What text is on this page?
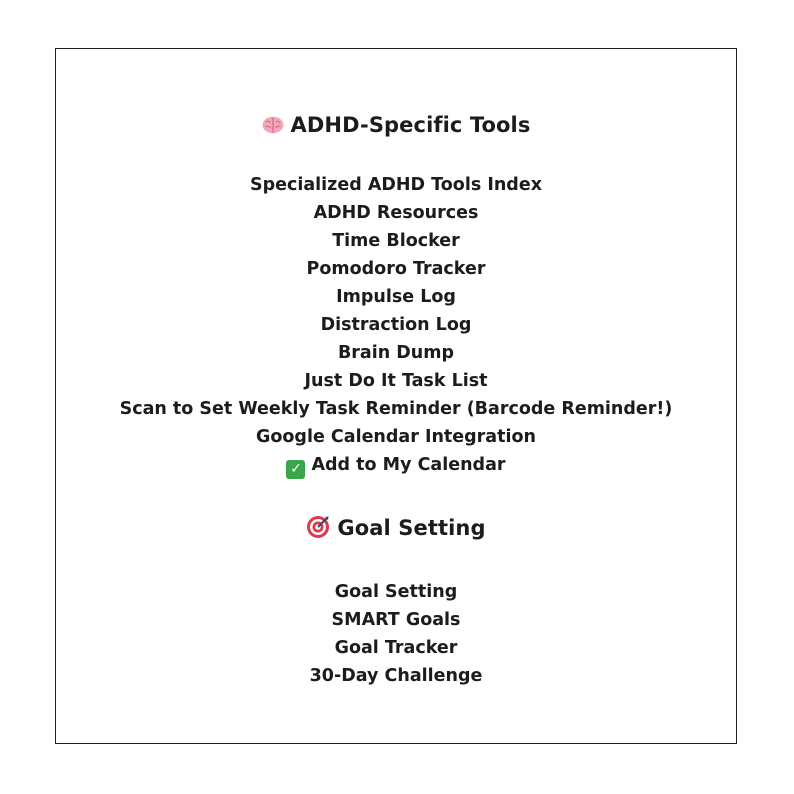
ADHD-Specific Tools
Specialized ADHD Tools Index
ADHD Resources
Time Blocker
Pomodoro Tracker
Impulse Log
Distraction Log
Brain Dump
Just Do It Task List
Scan to Set Weekly Task Reminder (Barcode Reminder!)
Google Calendar Integration
✓ Add to My Calendar
Goal Setting
Goal Setting
SMART Goals
Goal Tracker
30-Day Challenge
